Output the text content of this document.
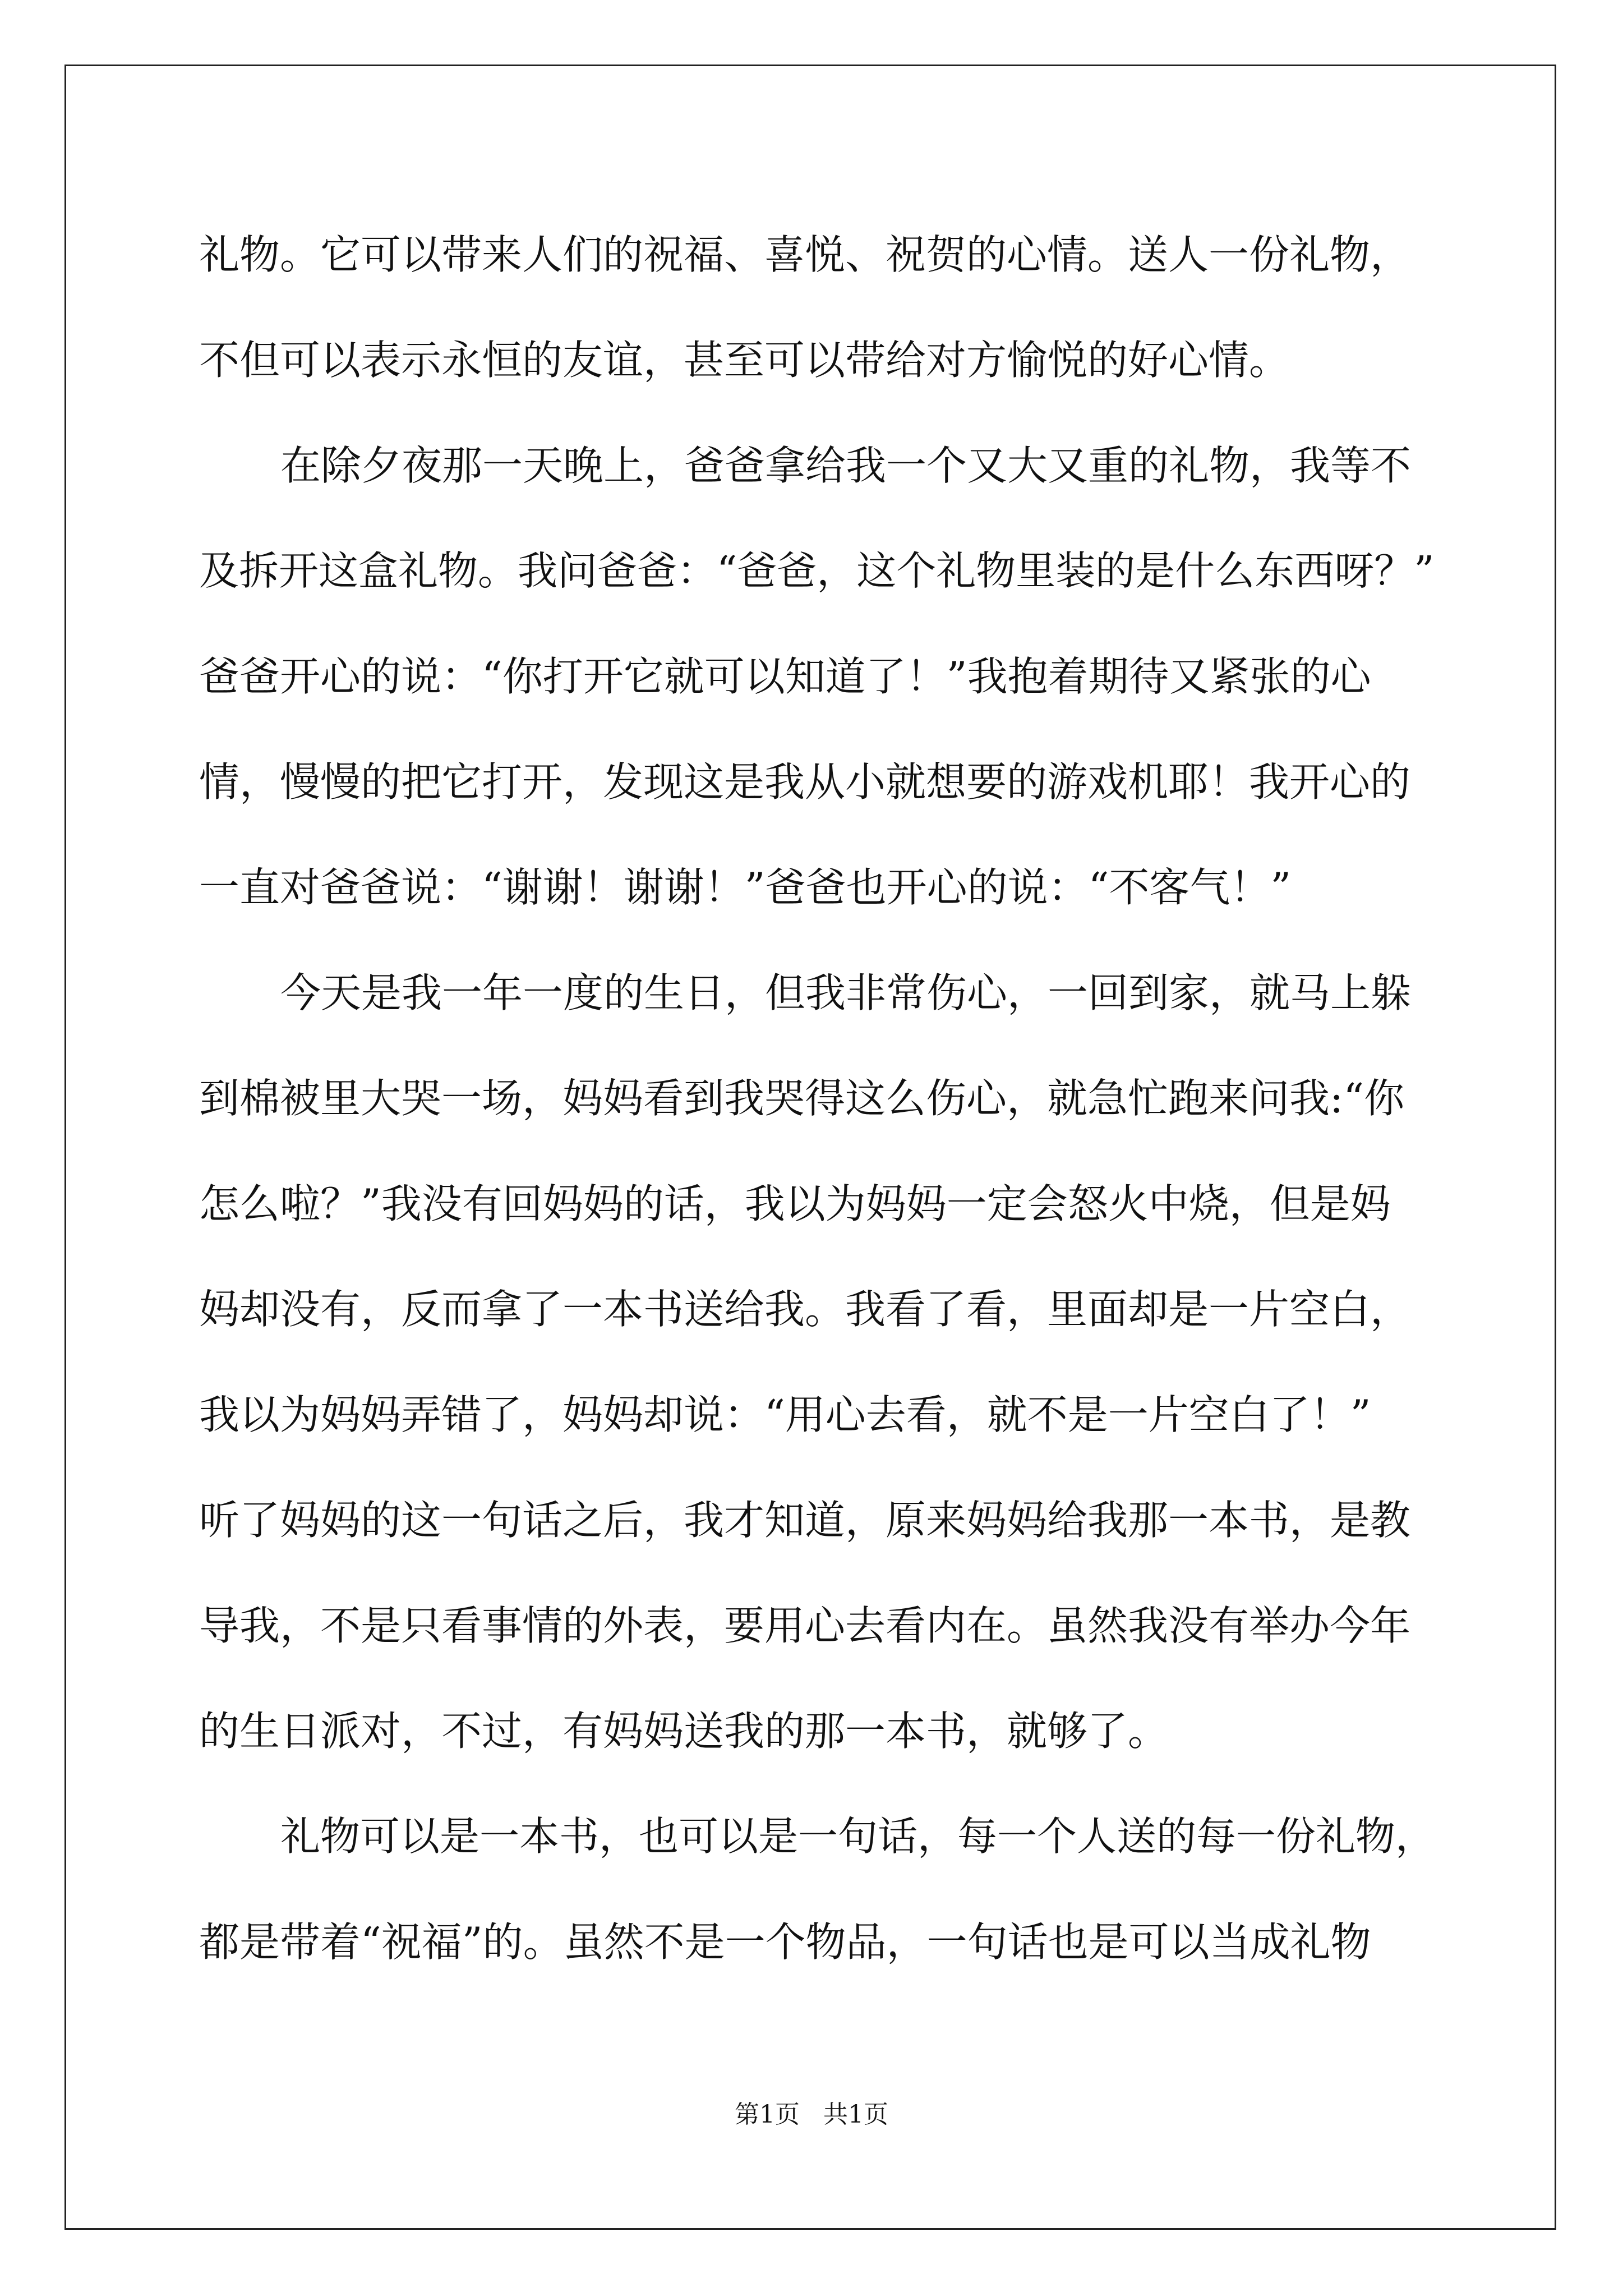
礼物。它可以带来人们的祝福、喜悦、祝贺的心情。送人一份礼物，
不但可以表示永恒的友谊，甚至可以带给对方愉悦的好心情。
在除夕夜那一天晚上，爸爸拿给我一个又大又重的礼物，我等不
及拆开这盒礼物。我问爸爸：“爸爸，这个礼物里装的是什么东西呀？”
爸爸开心的说：“你打开它就可以知道了！”我抱着期待又紧张的心
情，慢慢的把它打开，发现这是我从小就想要的游戏机耶！我开心的
一直对爸爸说：“谢谢！谢谢！”爸爸也开心的说：“不客气！”
今天是我一年一度的生日，但我非常伤心，一回到家，就马上躲
到棉被里大哭一场，妈妈看到我哭得这么伤心，就急忙跑来问我:“你
怎么啦？”我没有回妈妈的话，我以为妈妈一定会怒火中烧，但是妈
妈却没有，反而拿了一本书送给我。我看了看，里面却是一片空白，
我以为妈妈弄错了，妈妈却说：“用心去看，就不是一片空白了！”
听了妈妈的这一句话之后，我才知道，原来妈妈给我那一本书，是教
导我，不是只看事情的外表，要用心去看内在。虽然我没有举办今年
的生日派对，不过，有妈妈送我的那一本书，就够了。
礼物可以是一本书，也可以是一句话，每一个人送的每一份礼物，
都是带着“祝福”的。虽然不是一个物品，一句话也是可以当成礼物
第1页   共1页
